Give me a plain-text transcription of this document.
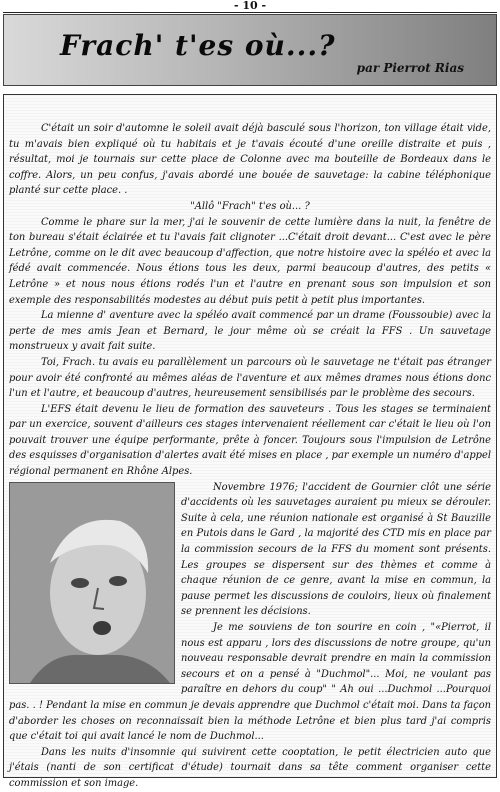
- 10 -
Frach' t'es où...?
par Pierrot Rias

C'était un soir d'automne le soleil avait déjà basculé sous l'horizon, ton village était vide, tu m'avais bien expliqué où tu habitais et je t'avais écouté d'une oreille distraite et puis , résultat, moi je tournais sur cette place de Colonne avec ma bouteille de Bordeaux dans le coffre. Alors, un peu confus, j'avais abordé une bouée de sauvetage: la cabine téléphonique planté sur cette place. .

"Allô "Frach" t'es où... ?

Comme le phare sur la mer, j'ai le souvenir de cette lumière dans la nuit, la fenêtre de ton bureau s'était éclairée et tu l'avais fait clignoter ...C'était droit devant... C'est avec le père Letrône, comme on le dit avec beaucoup d'affection, que notre histoire avec la spéléo et avec la fédé avait commencée. Nous étions tous les deux, parmi beaucoup d'autres, des petits « Letrône » et nous nous étions rodés l'un et l'autre en prenant sous son impulsion et son exemple des responsabilités modestes au début puis petit à petit plus importantes.

La mienne d' aventure avec la spéléo avait commencé par un drame (Foussoubie) avec la perte de mes amis Jean et Bernard, le jour même où se créait la FFS . Un sauvetage monstrueux y avait fait suite.

Toi, Frach. tu avais eu parallèlement un parcours où le sauvetage ne t'était pas étranger pour avoir été confronté au mêmes aléas de l'aventure et aux mêmes drames nous étions donc l'un et l'autre, et beaucoup d'autres, heureusement sensibilisés par le problème des secours.

L'EFS était devenu le lieu de formation des sauveteurs . Tous les stages se terminaient par un exercice, souvent d'ailleurs ces stages intervenaient réellement car c'était le lieu où l'on pouvait trouver une équipe performante, prête à foncer. Toujours sous l'impulsion de Letrône des esquisses d'organisation d'alertes avait été mises en place , par exemple un numéro d'appel régional permanent en Rhône Alpes.

Novembre 1976; l'accident de Gournier clôt une série d'accidents où les sauvetages auraient pu mieux se dérouler. Suite à cela, une réunion nationale est organisé à St Bauzille en Putois dans le Gard , la majorité des CTD mis en place par la commission secours de la FFS du moment sont présents. Les groupes se dispersent sur des thèmes et comme à chaque réunion de ce genre, avant la mise en commun, la pause permet les discussions de couloirs, lieux où finalement se prennent les décisions.

Je me souviens de ton sourire en coin , "«Pierrot, il nous est apparu , lors des discussions de notre groupe, qu'un nouveau responsable devrait prendre en main la commission secours et on a pensé à "Duchmol"... Moi, ne voulant pas paraître en dehors du coup" " Ah oui ...Duchmol ...Pourquoi pas. . ! Pendant la mise en commun je devais apprendre que Duchmol c'était moi. Dans ta façon d'aborder les choses on reconnaissait bien la méthode Letrône et bien plus tard j'ai compris que c'était toi qui avait lancé le nom de Duchmol...

Dans les nuits d'insomnie qui suivirent cette cooptation, le petit électricien auto que j'étais (nanti de son certificat d'étude) tournait dans sa tête comment organiser cette commission et son image.
